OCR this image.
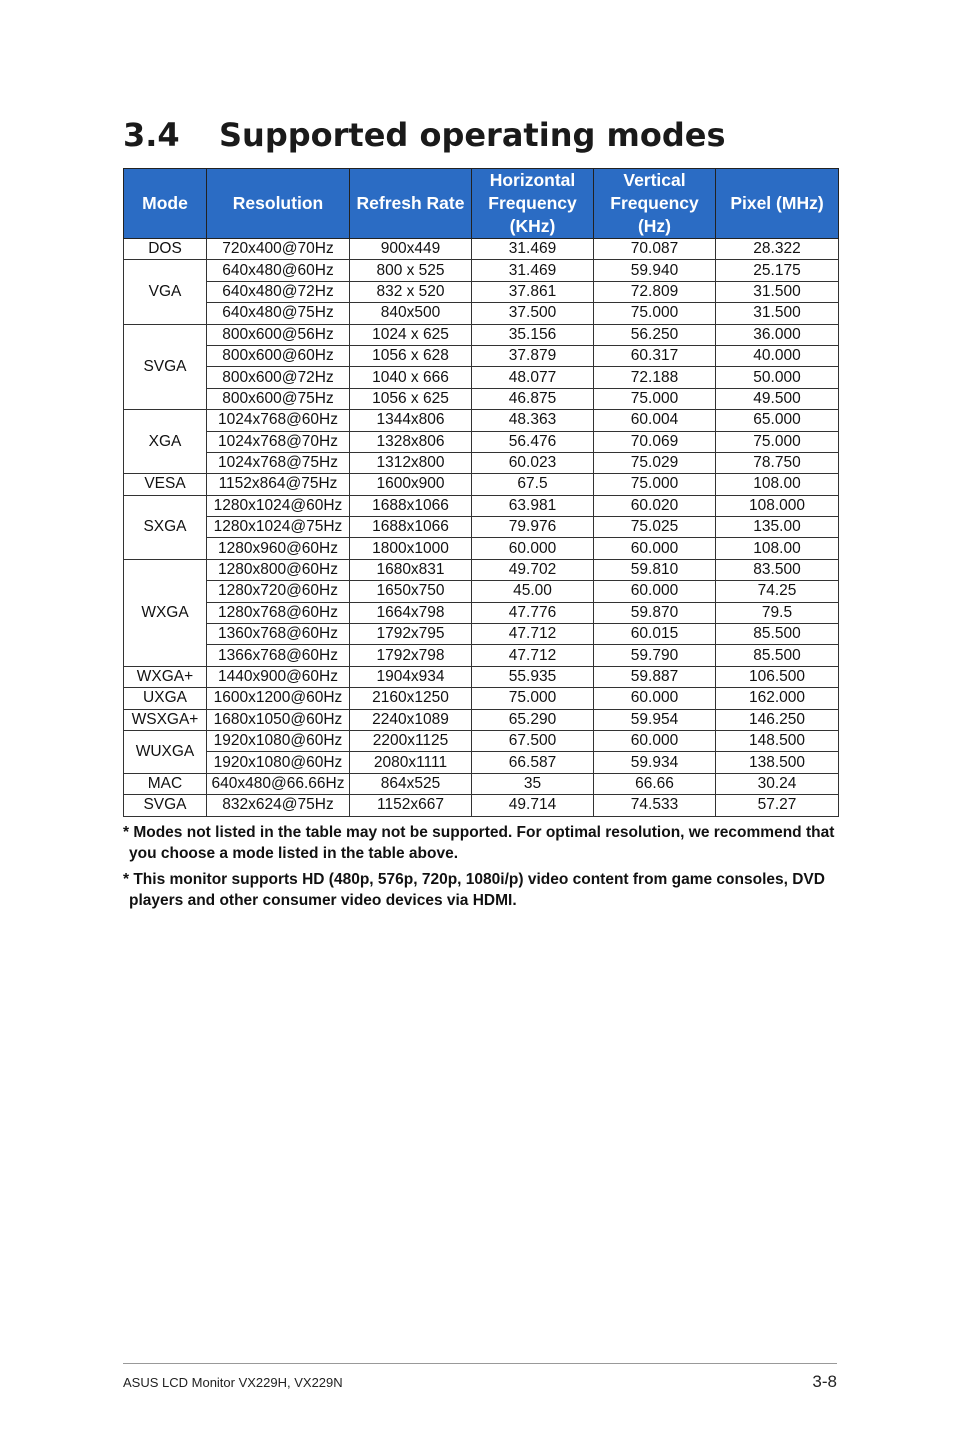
3.4 Supported operating modes
Mode	Resolution	Refresh Rate	Horizontal
Frequency
(KHz)	Vertical
Frequency
(Hz)	Pixel (MHz)
DOS	720x400@70Hz	900x449	31.469	70.087	28.322
VGA	640x480@60Hz	800 x 525	31.469	59.940	25.175
	640x480@72Hz	832 x 520	37.861	72.809	31.500
	640x480@75Hz	840x500	37.500	75.000	31.500
SVGA	800x600@56Hz	1024 x 625	35.156	56.250	36.000
	800x600@60Hz	1056 x 628	37.879	60.317	40.000
	800x600@72Hz	1040 x 666	48.077	72.188	50.000
	800x600@75Hz	1056 x 625	46.875	75.000	49.500
XGA	1024x768@60Hz	1344x806	48.363	60.004	65.000
	1024x768@70Hz	1328x806	56.476	70.069	75.000
	1024x768@75Hz	1312x800	60.023	75.029	78.750
VESA	1152x864@75Hz	1600x900	67.5	75.000	108.00
SXGA	1280x1024@60Hz	1688x1066	63.981	60.020	108.000
	1280x1024@75Hz	1688x1066	79.976	75.025	135.00
	1280x960@60Hz	1800x1000	60.000	60.000	108.00
WXGA	1280x800@60Hz	1680x831	49.702	59.810	83.500
	1280x720@60Hz	1650x750	45.00	60.000	74.25
	1280x768@60Hz	1664x798	47.776	59.870	79.5
	1360x768@60Hz	1792x795	47.712	60.015	85.500
	1366x768@60Hz	1792x798	47.712	59.790	85.500
WXGA+	1440x900@60Hz	1904x934	55.935	59.887	106.500
UXGA	1600x1200@60Hz	2160x1250	75.000	60.000	162.000
WSXGA+	1680x1050@60Hz	2240x1089	65.290	59.954	146.250
WUXGA	1920x1080@60Hz	2200x1125	67.500	60.000	148.500
	1920x1080@60Hz	2080x1111	66.587	59.934	138.500
MAC	640x480@66.66Hz	864x525	35	66.66	30.24
SVGA	832x624@75Hz	1152x667	49.714	74.533	57.27

* Modes not listed in the table may not be supported. For optimal resolution, we recommend that you choose a mode listed in the table above.

* This monitor supports HD (480p, 576p, 720p, 1080i/p) video content from game consoles, DVD players and other consumer video devices via HDMI.

ASUS LCD Monitor VX229H, VX229N	3-8
